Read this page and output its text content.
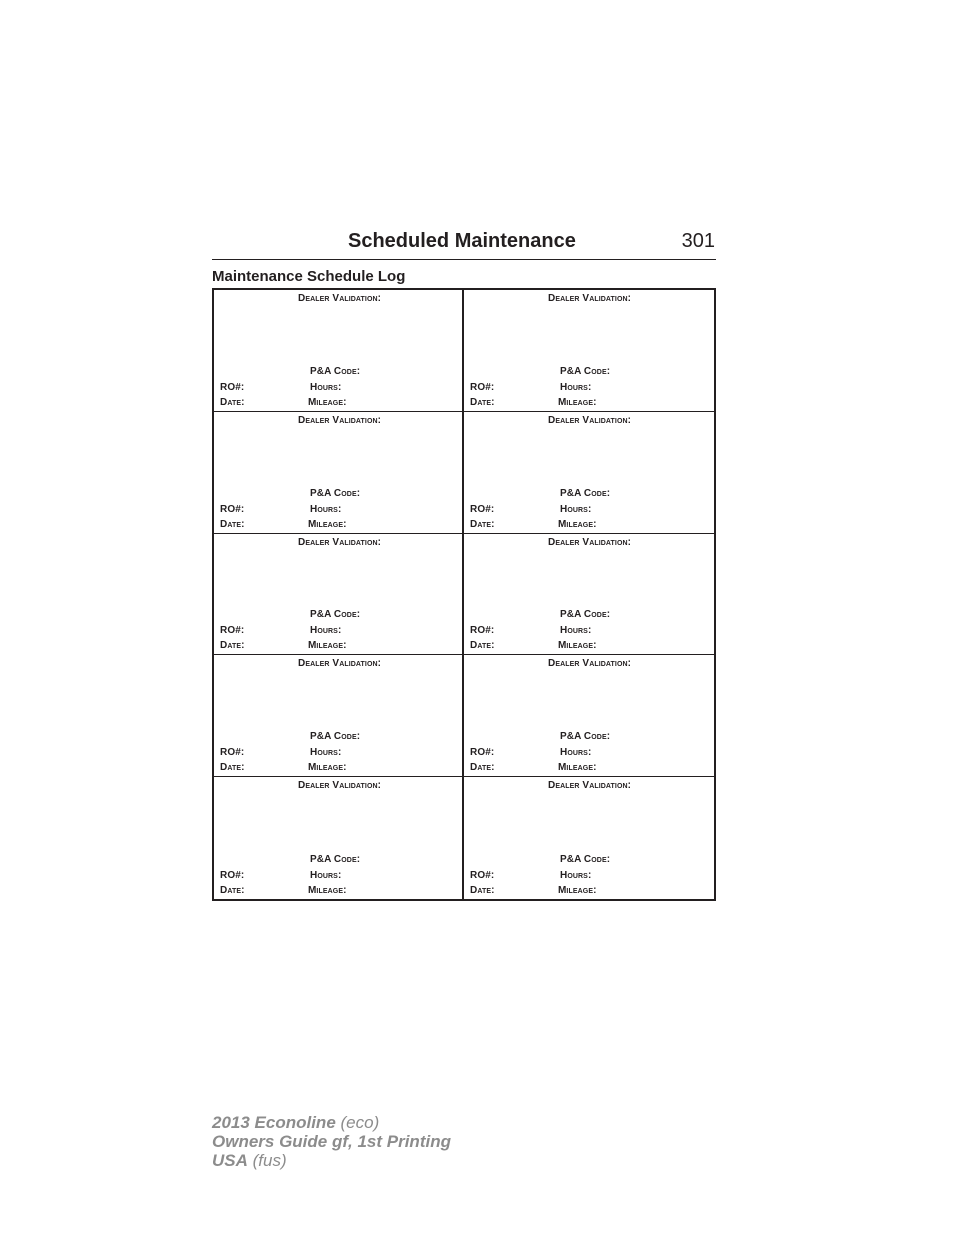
Scheduled Maintenance	301
Maintenance Schedule Log
Dealer Validation:
P&A Code:
RO#:	Hours:
Date:	Mileage:
Dealer Validation:
P&A Code:
RO#:	Hours:
Date:	Mileage:
Dealer Validation:
P&A Code:
RO#:	Hours:
Date:	Mileage:
Dealer Validation:
P&A Code:
RO#:	Hours:
Date:	Mileage:
Dealer Validation:
P&A Code:
RO#:	Hours:
Date:	Mileage:
Dealer Validation:
P&A Code:
RO#:	Hours:
Date:	Mileage:
Dealer Validation:
P&A Code:
RO#:	Hours:
Date:	Mileage:
Dealer Validation:
P&A Code:
RO#:	Hours:
Date:	Mileage:
Dealer Validation:
P&A Code:
RO#:	Hours:
Date:	Mileage:
Dealer Validation:
P&A Code:
RO#:	Hours:
Date:	Mileage:
2013 Econoline (eco)
Owners Guide gf, 1st Printing
USA (fus)
